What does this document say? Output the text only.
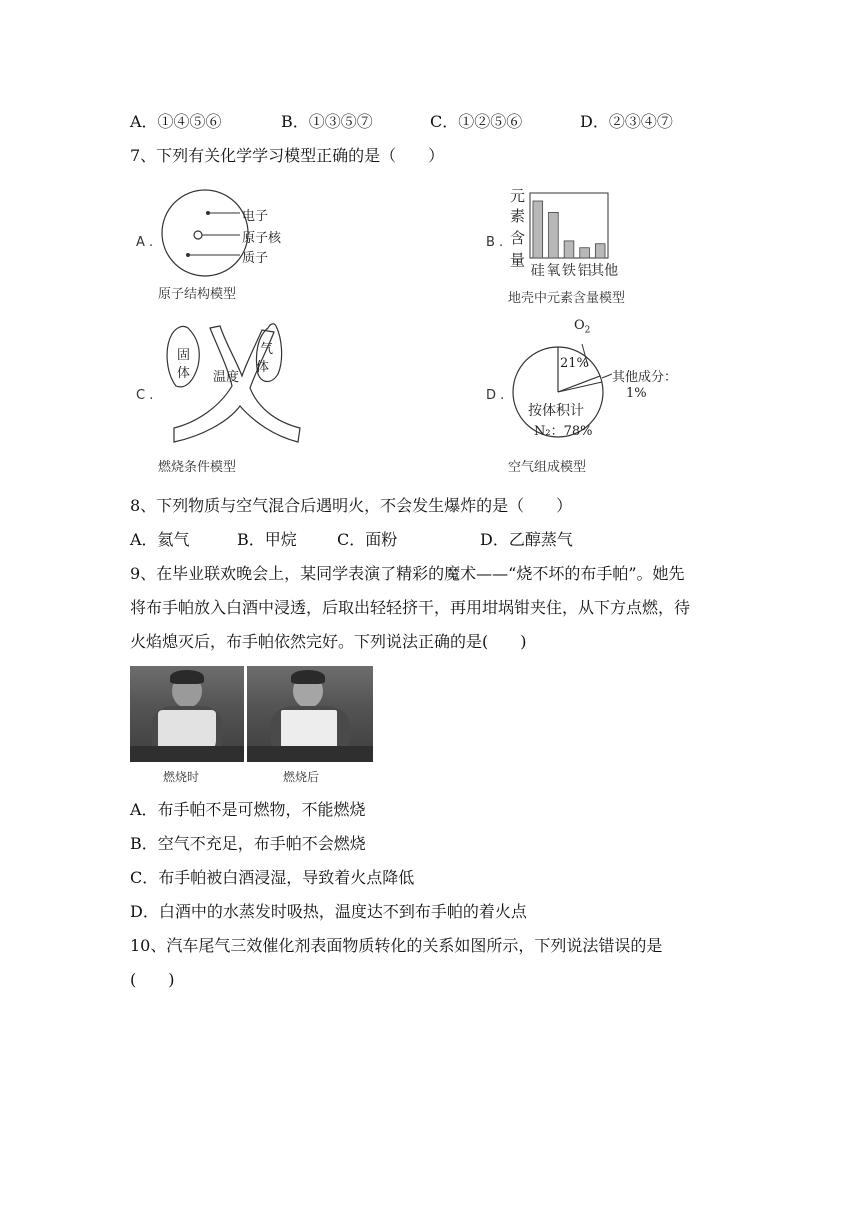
A．①④⑤⑥	B．①③⑤⑦	C．①②⑤⑥	D．②③④⑦
7、下列有关化学学习模型正确的是（　　）
A .
电子
原子核
质子
原子结构模型
B .
元
素
含
量
硅 氧 铁 铝
其他
地壳中元素含量模型
C .
固
体 温度
气
体
燃烧条件模型
D .
$O_2$
21%
其他成分：
1%
按体积计
N₂：78%
空气组成模型
8、下列物质与空气混合后遇明火，不会发生爆炸的是（　　）
A．氦气	B．甲烷	C．面粉	D．乙醇蒸气
9、在毕业联欢晚会上，某同学表演了精彩的魔术——“烧不坏的布手帕”。她先
将布手帕放入白酒中浸透，后取出轻轻挤干，再用坩埚钳夹住，从下方点燃，待
火焰熄灭后，布手帕依然完好。下列说法正确的是(　　)
燃烧时	燃烧后
A．布手帕不是可燃物，不能燃烧
B．空气不充足，布手帕不会燃烧
C．布手帕被白酒浸湿，导致着火点降低
D．白酒中的水蒸发时吸热，温度达不到布手帕的着火点
10、汽车尾气三效催化剂表面物质转化的关系如图所示，下列说法错误的是
(　　)
